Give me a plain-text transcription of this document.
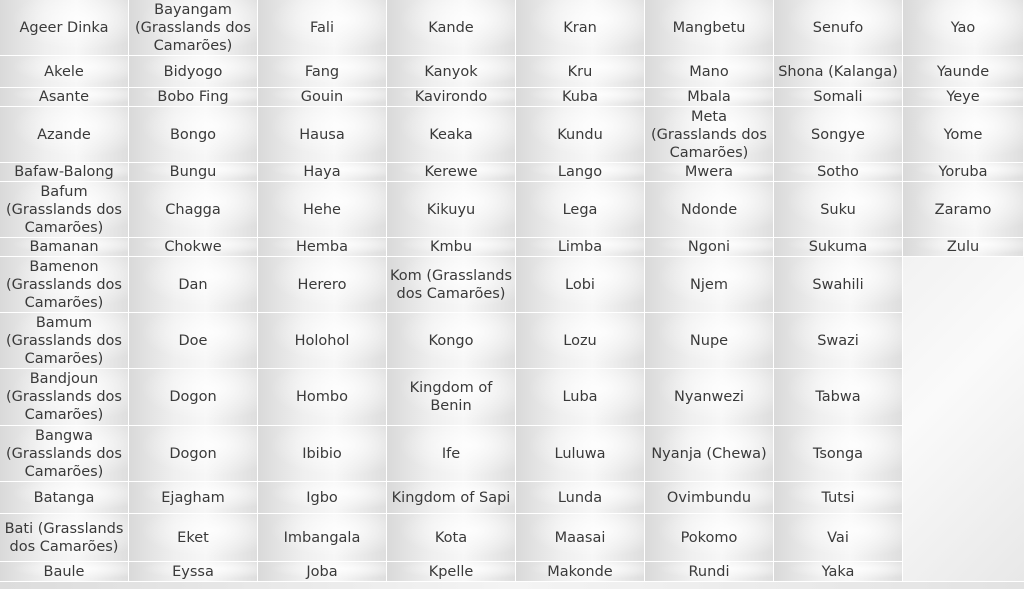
Ageer Dinka
Akele
Asante
Azande
Bafaw-Balong
Bafum (Grasslands dos Camarões)
Bamanan
Bamenon (Grasslands dos Camarões)
Bamum (Grasslands dos Camarões)
Bandjoun (Grasslands dos Camarões)
Bangwa (Grasslands dos Camarões)
Batanga
Bati (Grasslands dos Camarões)
Baule
Bayangam (Grasslands dos Camarões)
Bidyogo
Bobo Fing
Bongo
Bungu
Chagga
Chokwe
Dan
Doe
Dogon
Dogon
Ejagham
Eket
Eyssa
Fali
Fang
Gouin
Hausa
Haya
Hehe
Hemba
Herero
Holohol
Hombo
Ibibio
Igbo
Imbangala
Joba
Kande
Kanyok
Kavirondo
Keaka
Kerewe
Kikuyu
Kmbu
Kom (Grasslands dos Camarões)
Kongo
Kingdom of Benin
Ife
Kingdom of Sapi
Kota
Kpelle
Kran
Kru
Kuba
Kundu
Lango
Lega
Limba
Lobi
Lozu
Luba
Luluwa
Lunda
Maasai
Makonde
Mangbetu
Mano
Mbala
Meta (Grasslands dos Camarões)
Mwera
Ndonde
Ngoni
Njem
Nupe
Nyanwezi
Nyanja (Chewa)
Ovimbundu
Pokomo
Rundi
Senufo
Shona (Kalanga)
Somali
Songye
Sotho
Suku
Sukuma
Swahili
Swazi
Tabwa
Tsonga
Tutsi
Vai
Yaka
Yao
Yaunde
Yeye
Yome
Yoruba
Zaramo
Zulu
